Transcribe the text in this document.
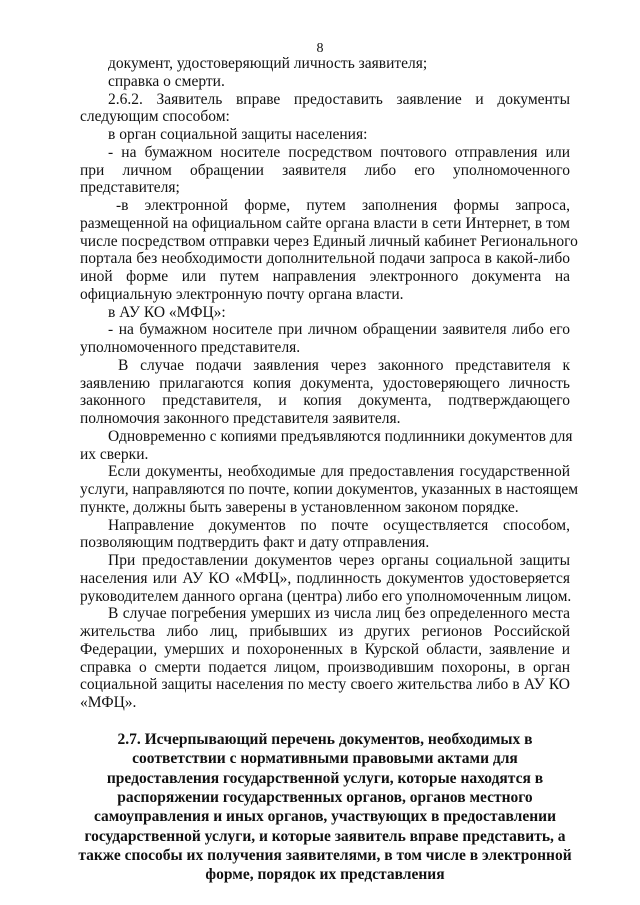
8
документ, удостоверяющий личность заявителя;
справка о смерти.
2.6.2. Заявитель вправе предоставить заявление и документы
следующим способом:
в орган социальной защиты населения:
- на бумажном носителе посредством почтового отправления или
при личном обращении заявителя либо его уполномоченного
представителя;
-в электронной форме, путем заполнения формы запроса,
размещенной на официальном сайте органа власти в сети Интернет, в том
числе посредством отправки через Единый личный кабинет Регионального
портала без необходимости дополнительной подачи запроса в какой-либо
иной форме или путем направления электронного документа на
официальную электронную почту органа власти.
в АУ КО «МФЦ»:
- на бумажном носителе при личном обращении заявителя либо его
уполномоченного представителя.
В случае подачи заявления через законного представителя к
заявлению прилагаются копия документа, удостоверяющего личность
законного представителя, и копия документа, подтверждающего
полномочия законного представителя заявителя.
Одновременно с копиями предъявляются подлинники документов для
их сверки.
Если документы, необходимые для предоставления государственной
услуги, направляются по почте, копии документов, указанных в настоящем
пункте, должны быть заверены в установленном законом порядке.
Направление документов по почте осуществляется способом,
позволяющим подтвердить факт и дату отправления.
При предоставлении документов через органы социальной защиты
населения или АУ КО «МФЦ», подлинность документов удостоверяется
руководителем данного органа (центра) либо его уполномоченным лицом.
В случае погребения умерших из числа лиц без определенного места
жительства либо лиц, прибывших из других регионов Российской
Федерации, умерших и похороненных в Курской области, заявление и
справка о смерти подается лицом, производившим похороны, в орган
социальной защиты населения по месту своего жительства либо в АУ КО
«МФЦ».
2.7. Исчерпывающий перечень документов, необходимых в
соответствии с нормативными правовыми актами для
предоставления государственной услуги, которые находятся в
распоряжении государственных органов, органов местного
самоуправления и иных органов, участвующих в предоставлении
государственной услуги, и которые заявитель вправе представить, а
также способы их получения заявителями, в том числе в электронной
форме, порядок их представления
